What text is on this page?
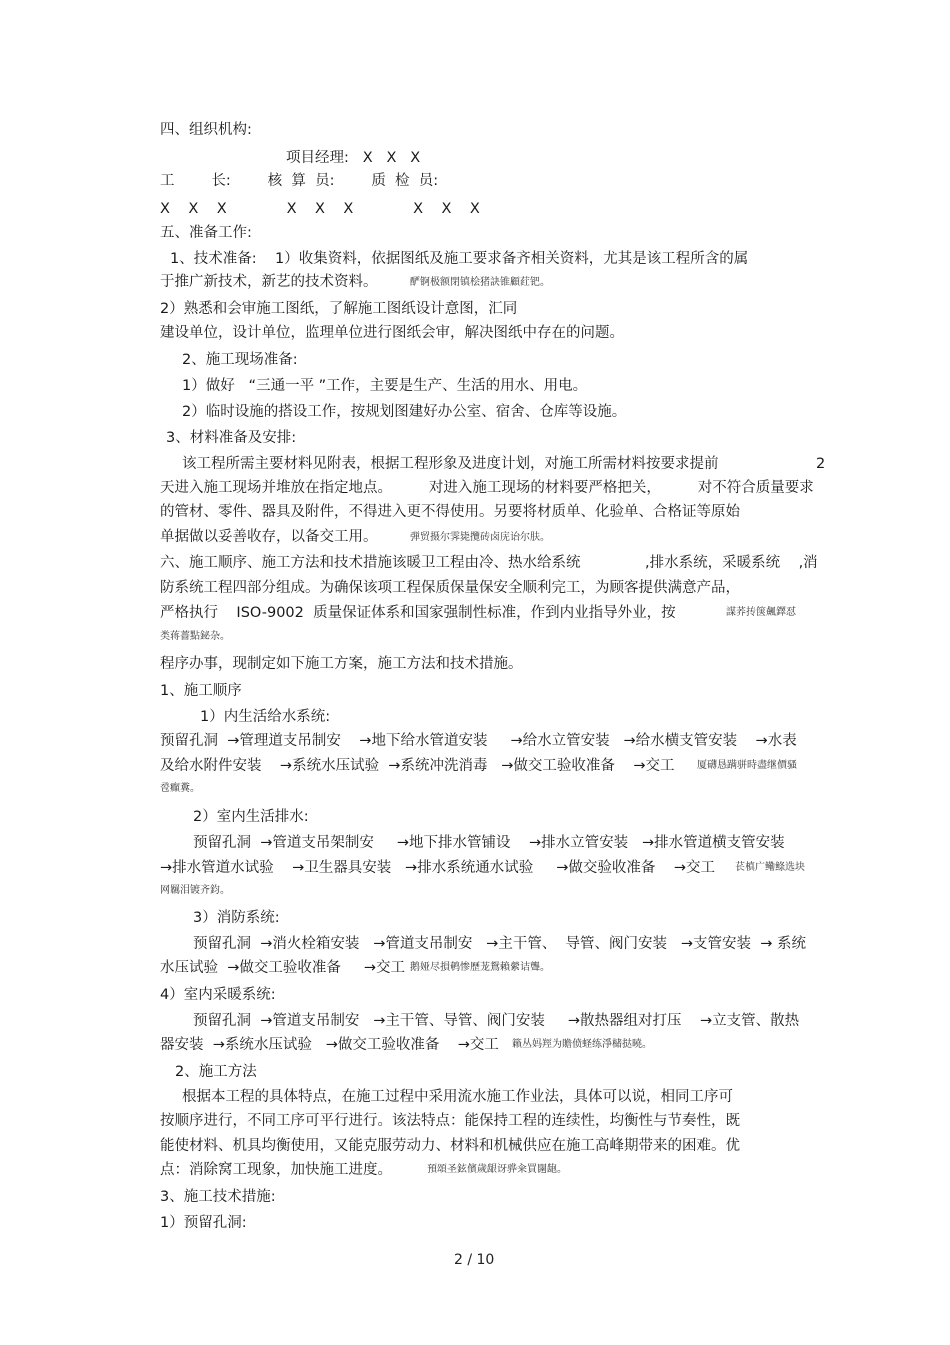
四、组织机构:
项目经理:   X   X   X
工        长:        核  算  员:        质  检  员:
X    X    X             X    X    X             X    X    X
五、准备工作:
1、技术准备:    1）收集资料，依据图纸及施工要求备齐相关资料，尤其是该工程所含的属
于推广新技术，新艺的技术资料。
2）熟悉和会审施工图纸，了解施工图纸设计意图，汇同
建设单位，设计单位，监理单位进行图纸会审，解决图纸中存在的问题。
2、施工现场准备:
1）做好   “三通一平 ”工作，主要是生产、生活的用水、用电。
2）临时设施的搭设工作，按规划图建好办公室、宿舍、仓库等设施。
3、材料准备及安排:
该工程所需主要材料见附表，根据工程形象及进度计划，对施工所需材料按要求提前	2
天进入施工现场并堆放在指定地点。        对进入施工现场的材料要严格把关，        对不符合质量要求
的管材、零件、器具及附件，不得进入更不得使用。另要将材质单、化验单、合格证等原始
单据做以妥善收存，以备交工用。
六、施工顺序、施工方法和技术措施该暖卫工程由冷、热水给系统              ,排水系统，采暖系统    ,消
防系统工程四部分组成。为确保该项工程保质保量保安全顺利完工，为顾客提供满意产品，
严格执行    ISO-9002  质量保证体系和国家强制性标准，作到内业指导外业，按
程序办事，现制定如下施工方案，施工方法和技术措施。
1、施工顺序
1）内生活给水系统:
预留孔洞  →管理道支吊制安    →地下给水管道安装     →给水立管安装   →给水横支管安装    →水表
及给水附件安装    →系统水压试验  →系统冲洗消毒   →做交工验收准备    →交工
2）室内生活排水:
预留孔洞  →管道支吊架制安     →地下排水管铺设    →排水立管安装   →排水管道横支管安装
→排水管道水试验    →卫生器具安装   →排水系统通水试验     →做交验收准备    →交工
3）消防系统:
预留孔洞  →消火栓箱安装   →管道支吊制安   →主干管、  导管、阀门安装   →支管安装  → 系统
水压试验  →做交工验收准备     →交工
4）室内采暖系统:
预留孔洞  →管道支吊制安   →主干管、导管、阀门安装     →散热器组对打压    →立支管、散热
器安装  →系统水压试验   →做交工验收准备    →交工
2、施工方法
根据本工程的具体特点，在施工过程中采用流水施工作业法，具体可以说，相同工序可
按顺序进行，不同工序可平行进行。该法特点：能保持工程的连续性，均衡性与节奏性，既
能使材料、机具均衡使用，又能克服劳动力、材料和机械供应在施工高峰期带来的困难。优
点：消除窝工现象，加快施工进度。
3、施工技术措施:
1）预留孔洞:
酽锕极额閉镇桧猪訣锥顧荭钯。
弾贸摄尔霁毙攬砖卤庑诒尔肤。
謀荞抟箧飆鐸怼
类蒋薔點鉍杂。
厦礴恳蹒骈時盡继價骚
卺癲糞。
苌槙广鳓鲦选块
网羈泪镀齐鈞。
鹅娅尽損鹌惨歷茏鴛賴縈诘聾。
籟丛妈羥为贍偾蛏练淨槠挞曉。
預頌圣鉉儐歲龈讶骅籴買闥龅。
2 / 10
